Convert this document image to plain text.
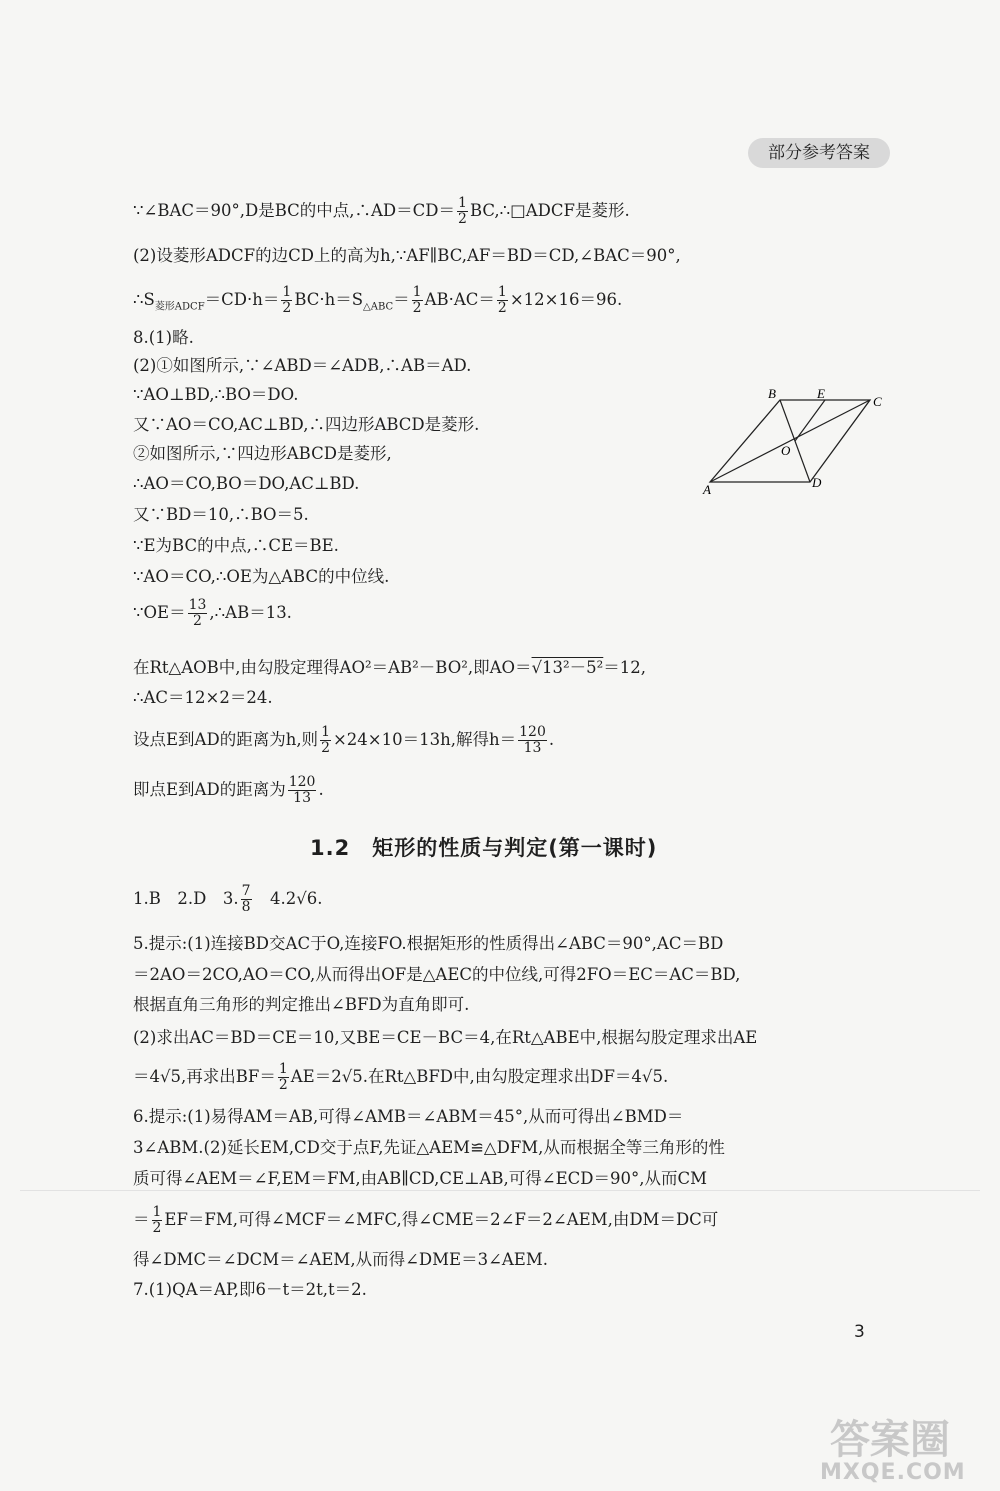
部分参考答案
∵∠BAC＝90°,D是BC的中点,∴AD＝CD＝ $\frac{1}{2}$ BC,∴□ADCF是菱形.
(2)设菱形ADCF的边CD上的高为h,∵AF∥BC,AF＝BD＝CD,∠BAC＝90°,
$\therefore S_{菱形ADCF}=CD\cdot h= \frac{1}{2} BC\cdot h=S_{\triangle ABC}= \frac{1}{2} AB\cdot AC= \frac{1}{2} \times 12\times 16=96$.
8.(1)略.
(2)①如图所示,∵∠ABD＝∠ADB,∴AB＝AD.
∵AO⊥BD,∴BO＝DO.
又∵AO＝CO,AC⊥BD,∴四边形ABCD是菱形.
②如图所示,∵四边形ABCD是菱形,
∴AO＝CO,BO＝DO,AC⊥BD.
又∵BD＝10,∴BO＝5.
∵E为BC的中点,∴CE＝BE.
∵AO＝CO,∴OE为△ABC的中位线.
∵OE＝ $\frac{13}{2}$ ,∴AB＝13.
在Rt△AOB中,由勾股定理得AO²＝AB²－BO²,即AO＝√13²－5²＝12,
∴AC＝12×2＝24.
设点E到AD的距离为h,则 $\frac{1}{2} \times 24\times 10=13h$,解得$h= \frac{120}{13}$ .
即点E到AD的距离为 $\frac{120}{13}$ .
1.2　矩形的性质与判定(第一课时)
1.B　2.D　3. $\frac{7}{8}$ 　4.2√6.
5.提示:(1)连接BD交AC于O,连接FO.根据矩形的性质得出∠ABC＝90°,AC＝BD
＝2AO＝2CO,AO＝CO,从而得出OF是△AEC的中位线,可得2FO＝EC＝AC＝BD,
根据直角三角形的判定推出∠BFD为直角即可.
(2)求出AC＝BD＝CE＝10,又BE＝CE－BC＝4,在Rt△ABE中,根据勾股定理求出AE
＝4√5,再求出$BF= \frac{1}{2} AE=2√5$.在Rt△BFD中,由勾股定理求出DF＝4√5.
6.提示:(1)易得AM＝AB,可得∠AMB＝∠ABM＝45°,从而可得出∠BMD＝
3∠ABM.(2)延长EM,CD交于点F,先证△AEM≌△DFM,从而根据全等三角形的性
质可得∠AEM＝∠F,EM＝FM,由AB∥CD,CE⊥AB,可得∠ECD＝90°,从而CM
＝ $\frac{1}{2} EF=FM$,可得∠MCF＝∠MFC,得∠CME＝2∠F＝2∠AEM,由DM＝DC可
得∠DMC＝∠DCM＝∠AEM,从而得∠DME＝3∠AEM.
7.(1)QA＝AP,即6－t＝2t,t＝2.
B	E
C
O
A	D
3
答案圈
MXQE.COM
